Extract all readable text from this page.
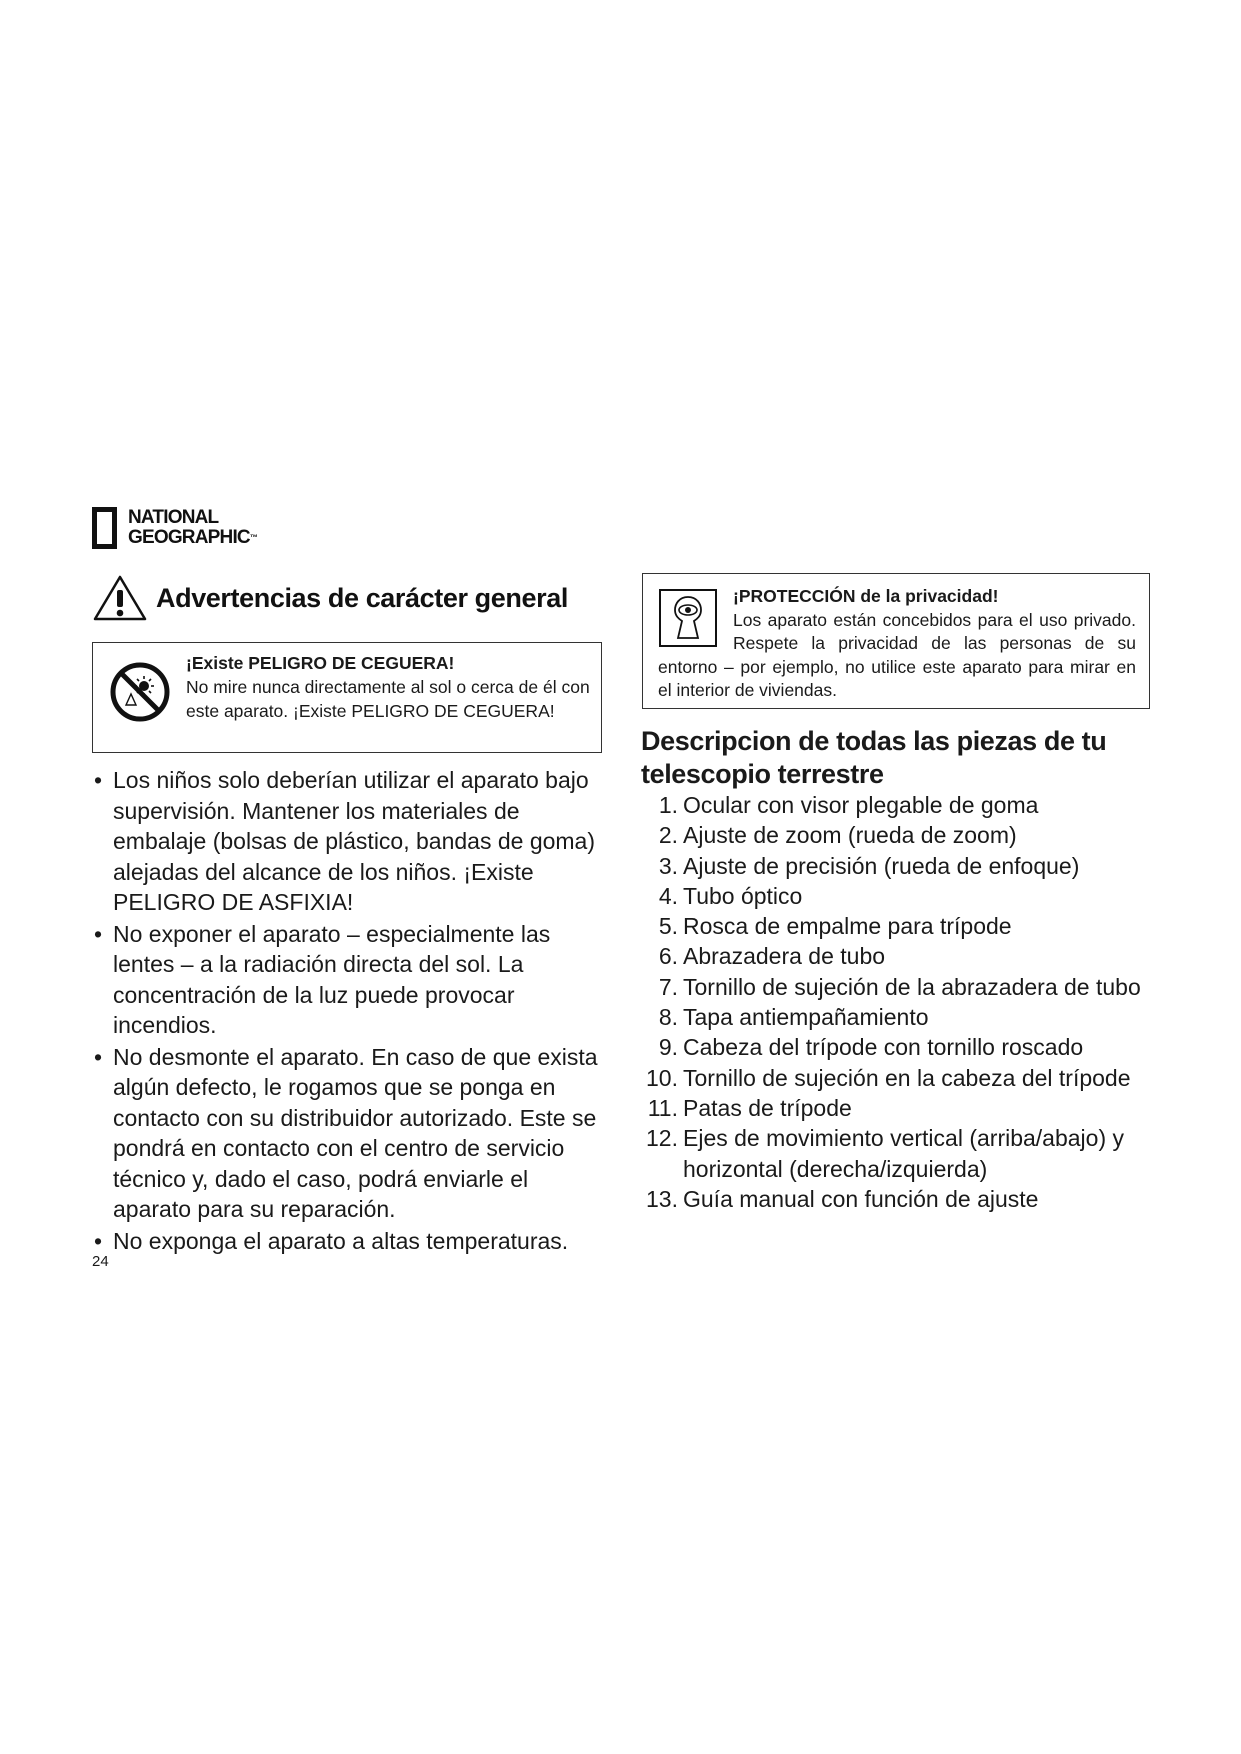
NATIONAL
GEOGRAPHIC™
Advertencias de carácter general
¡Existe PELIGRO DE CEGUERA!
No mire nunca directamente al sol o cerca de él con este aparato. ¡Existe PELIGRO DE CEGUERA!
• Los niños solo deberían utilizar el aparato bajo supervisión. Mantener los materiales de embalaje (bolsas de plástico, bandas de goma) alejadas del alcance de los niños. ¡Existe PELIGRO DE ASFIXIA!
• No exponer el aparato – especialmente las lentes – a la radiación directa del sol. La concentración de la luz puede provocar incendios.
• No desmonte el aparato. En caso de que exista algún defecto, le rogamos que se ponga en contacto con su distribuidor autorizado. Este se pondrá en contacto con el centro de servicio técnico y, dado el caso, podrá enviarle el aparato para su reparación.
• No exponga el aparato a altas temperaturas.
¡PROTECCIÓN de la privacidad!
Los aparato están concebidos para el uso privado. Respete la privacidad de las personas de su entorno – por ejemplo, no utilice este aparato para mirar en el interior de viviendas.
Descripcion de todas las piezas de tu telescopio terrestre
1. Ocular con visor plegable de goma
2. Ajuste de zoom (rueda de zoom)
3. Ajuste de precisión (rueda de enfoque)
4. Tubo óptico
5. Rosca de empalme para trípode
6. Abrazadera de tubo
7. Tornillo de sujeción de la abrazadera de tubo
8. Tapa antiempañamiento
9. Cabeza del trípode con tornillo roscado
10. Tornillo de sujeción en la cabeza del trípode
11. Patas de trípode
12. Ejes de movimiento vertical (arriba/abajo) y horizontal (derecha/izquierda)
13. Guía manual con función de ajuste
24
